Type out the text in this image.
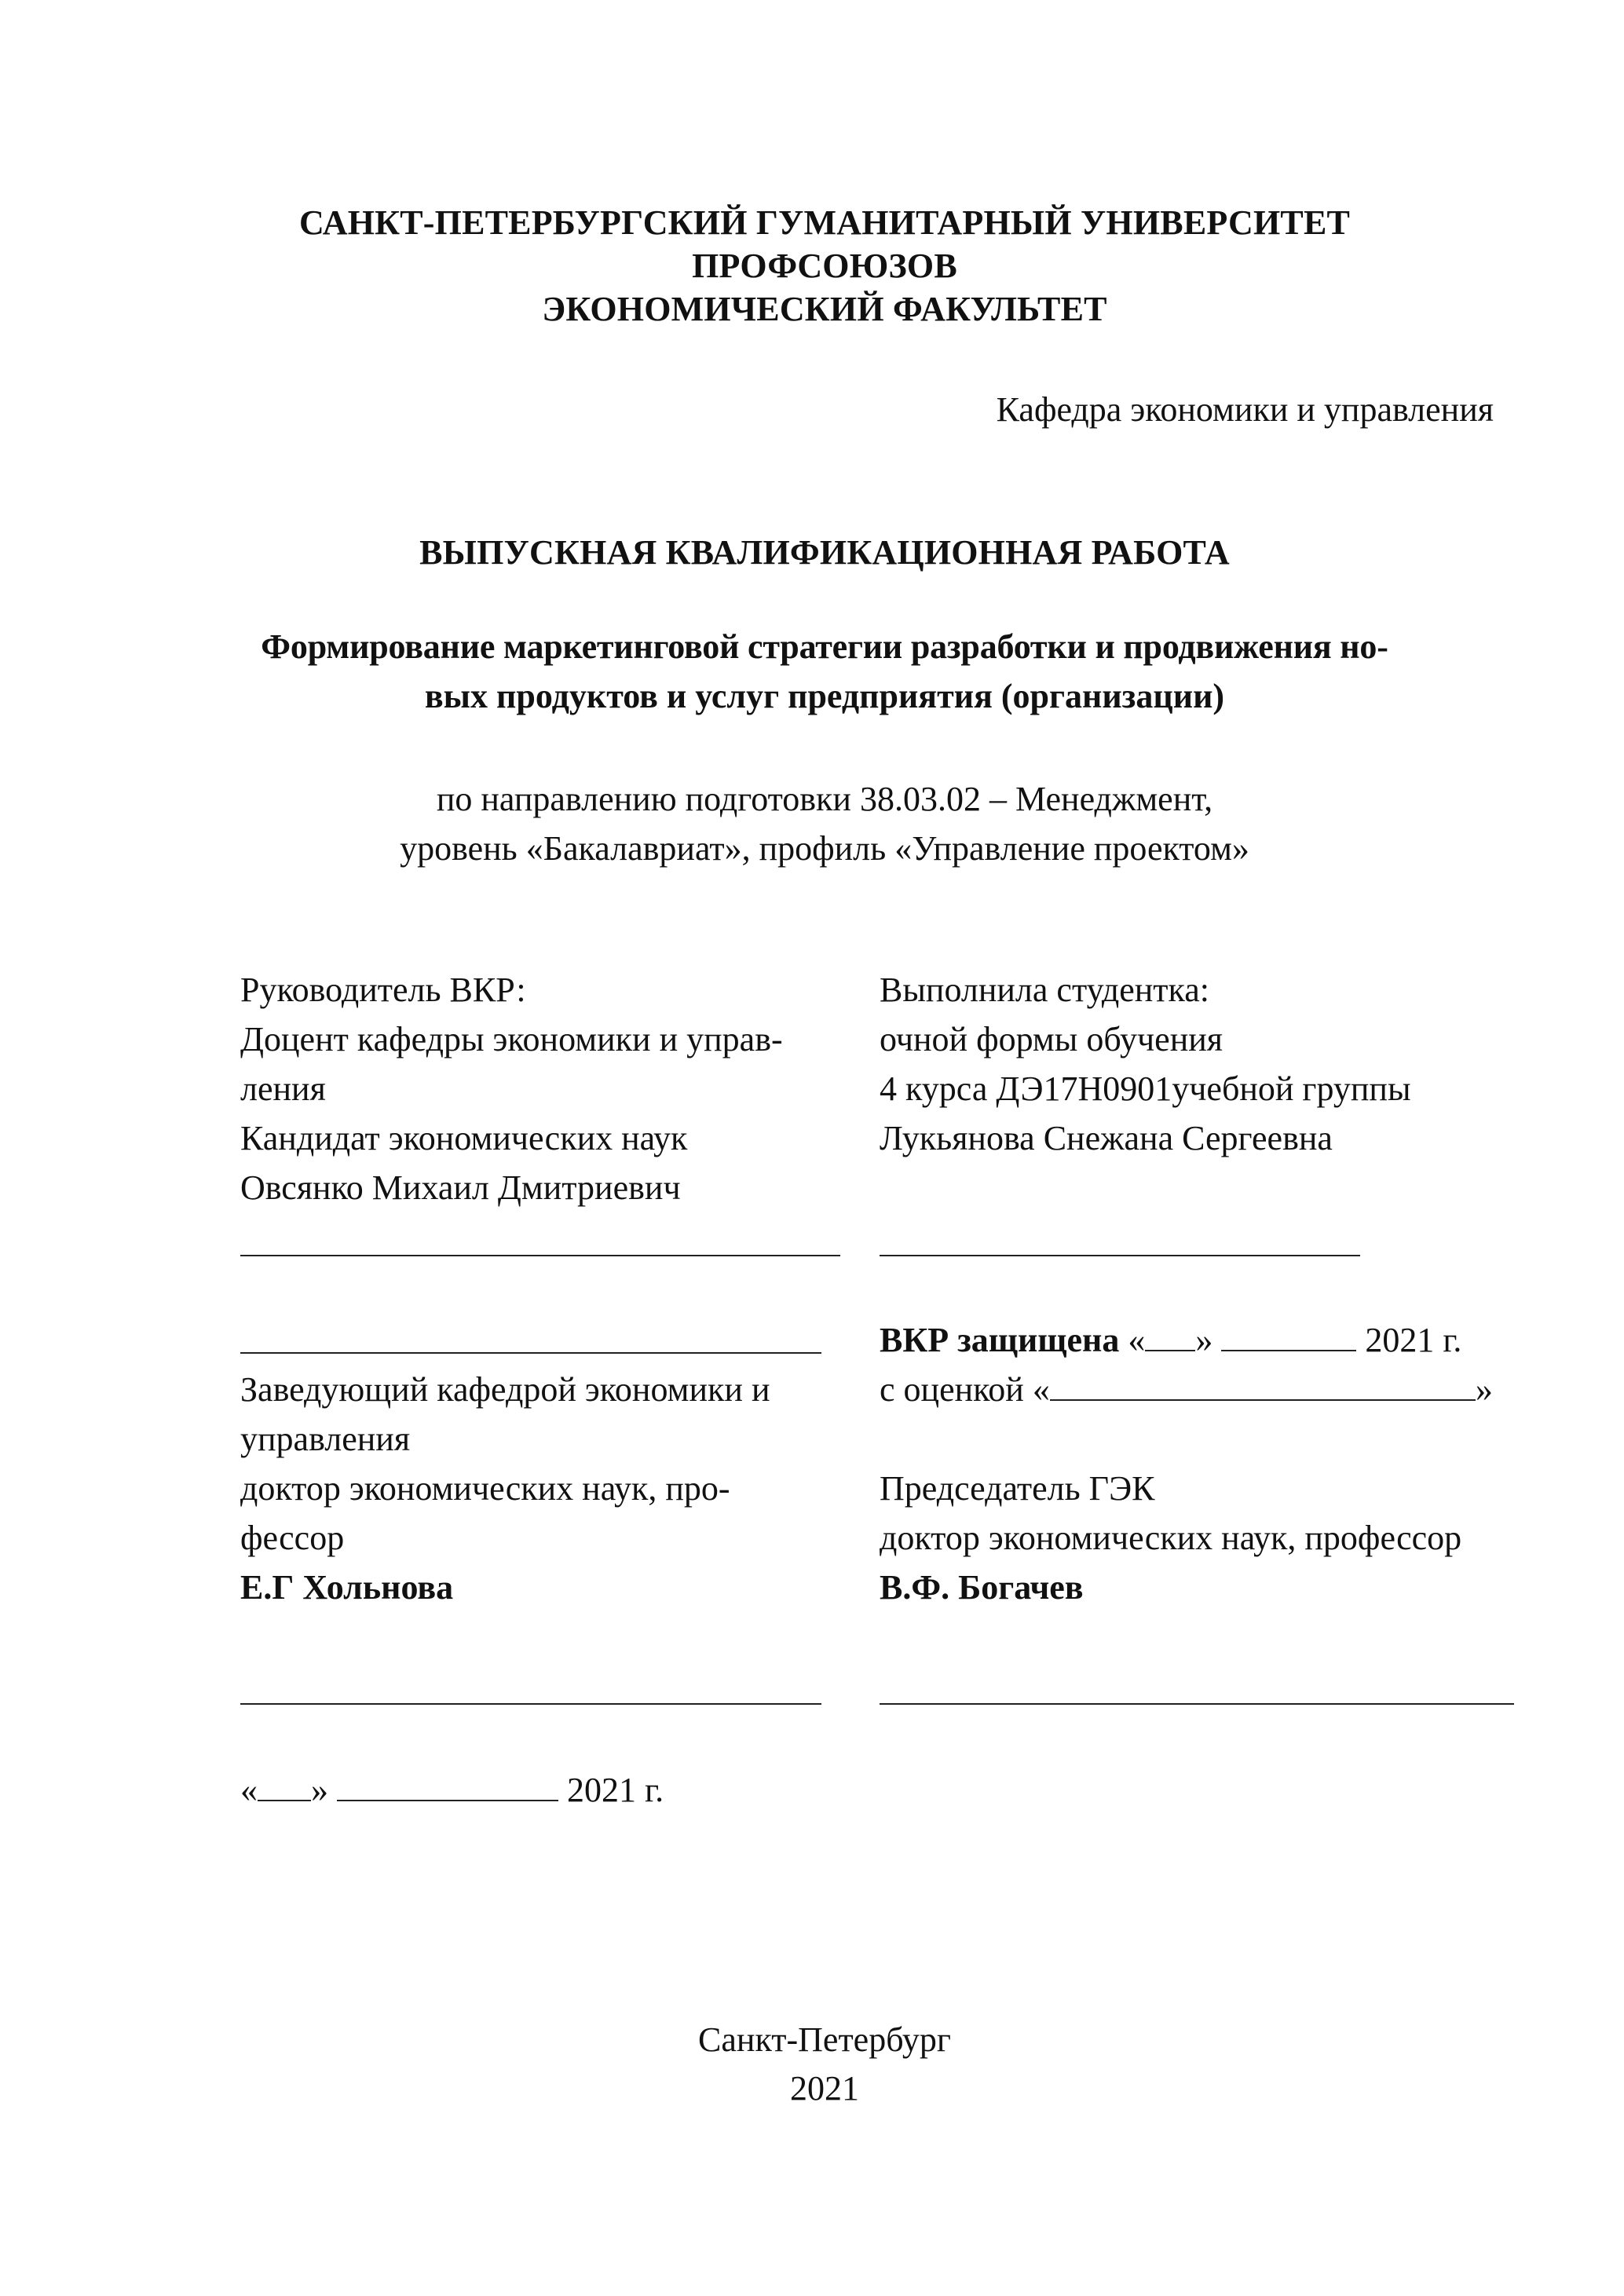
САНКТ-ПЕТЕРБУРГСКИЙ ГУМАНИТАРНЫЙ УНИВЕРСИТЕТ
ПРОФСОЮЗОВ
ЭКОНОМИЧЕСКИЙ ФАКУЛЬТЕТ
Кафедра экономики и управления
ВЫПУСКНАЯ КВАЛИФИКАЦИОННАЯ РАБОТА
Формирование маркетинговой стратегии разработки и продвижения но-
вых продуктов и услуг предприятия (организации)
по направлению подготовки 38.03.02 – Менеджмент,
уровень «Бакалавриат», профиль «Управление проектом»
Руководитель ВКР:
Доцент кафедры экономики и управ-
ления
Кандидат экономических наук
Овсянко Михаил Дмитриевич
Выполнила студентка:
очной формы обучения
4 курса ДЭ17Н0901учебной группы
Лукьянова Снежана Сергеевна
Заведующий кафедрой экономики и
управления
доктор экономических наук, про-
фессор
Е.Г Хольнова
ВКР защищена « »	2021 г.
с оценкой «	»
Председатель ГЭК
доктор экономических наук, профессор
В.Ф. Богачев
« »	2021 г.
Санкт-Петербург
2021
